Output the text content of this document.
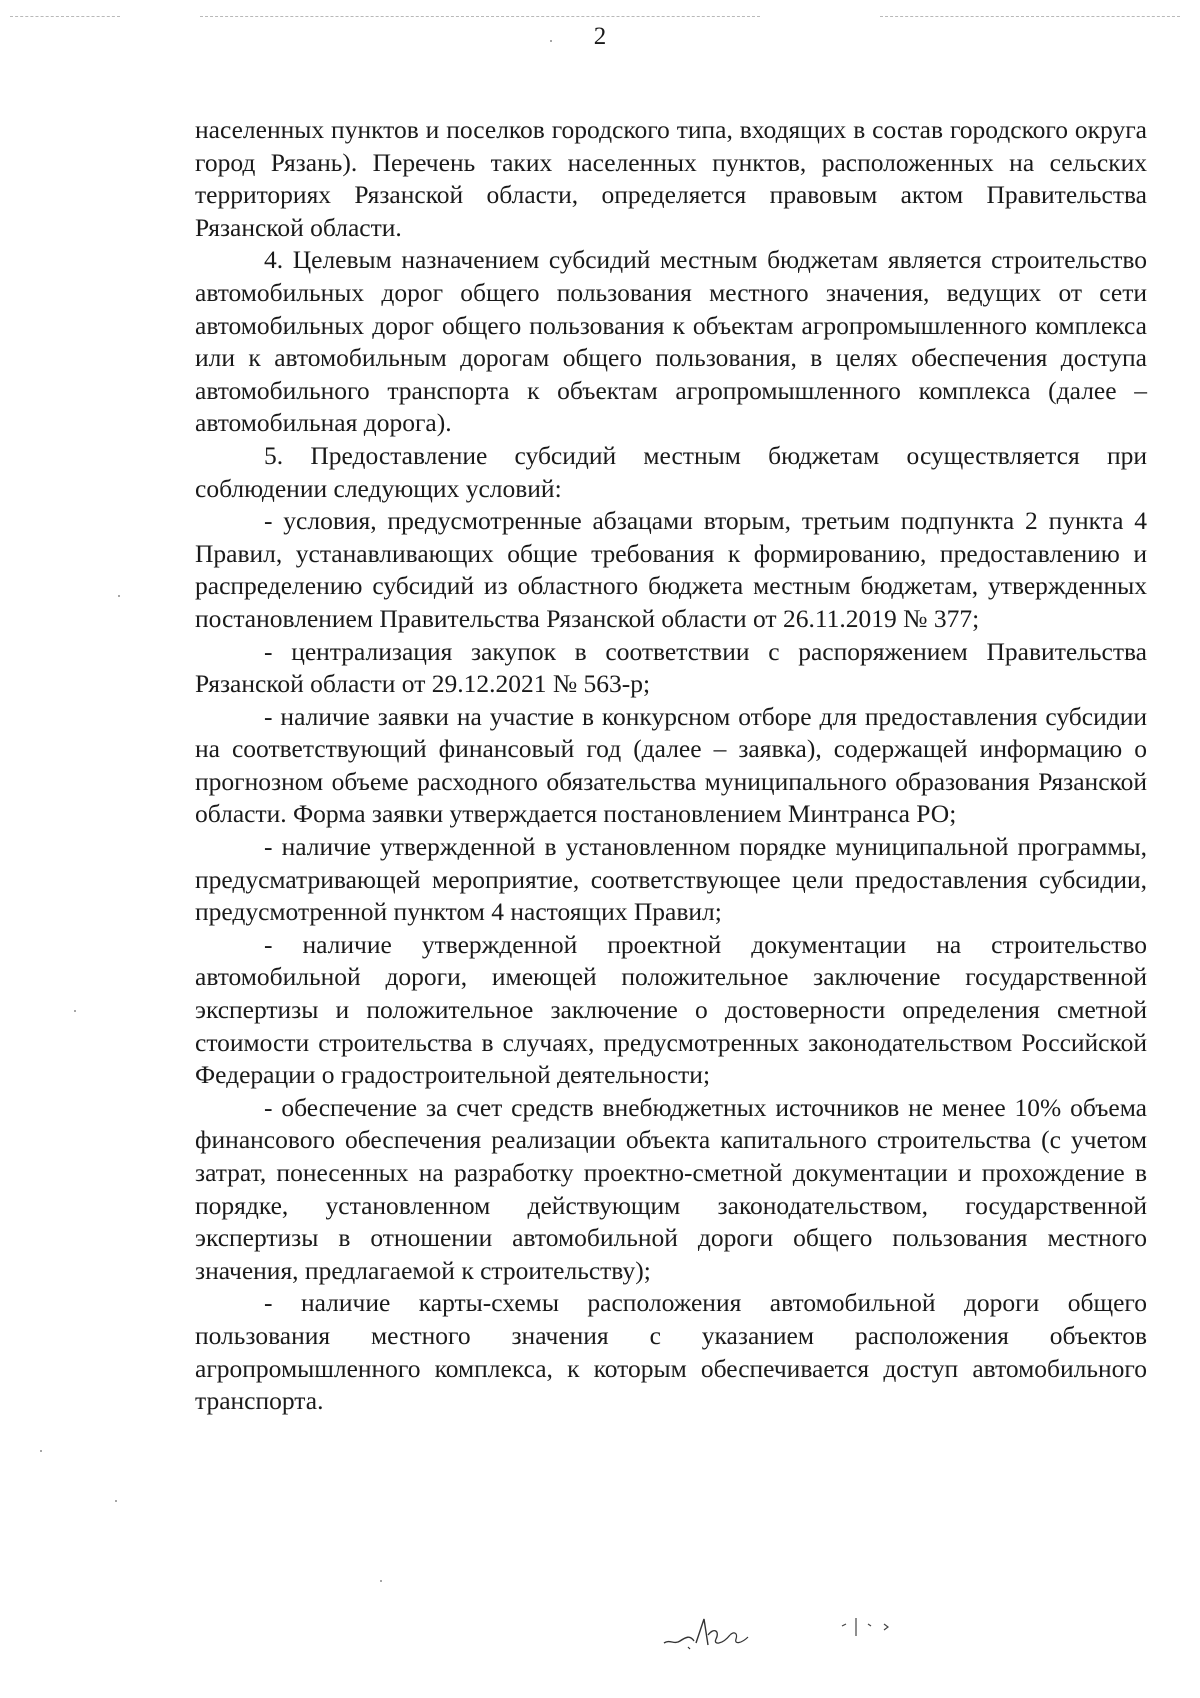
2

населенных пунктов и поселков городского типа, входящих в состав городского округа город Рязань). Перечень таких населенных пунктов, расположенных на сельских территориях Рязанской области, определяется правовым актом Правительства Рязанской области.

4. Целевым назначением субсидий местным бюджетам является строительство автомобильных дорог общего пользования местного значения, ведущих от сети автомобильных дорог общего пользования к объектам агропромышленного комплекса или к автомобильным дорогам общего пользования, в целях обеспечения доступа автомобильного транспорта к объектам агропромышленного комплекса (далее – автомобильная дорога).

5. Предоставление субсидий местным бюджетам осуществляется при соблюдении следующих условий:

- условия, предусмотренные абзацами вторым, третьим подпункта 2 пункта 4 Правил, устанавливающих общие требования к формированию, предоставлению и распределению субсидий из областного бюджета местным бюджетам, утвержденных постановлением Правительства Рязанской области от 26.11.2019 № 377;

- централизация закупок в соответствии с распоряжением Правительства Рязанской области от 29.12.2021 № 563-р;

- наличие заявки на участие в конкурсном отборе для предоставления субсидии на соответствующий финансовый год (далее – заявка), содержащей информацию о прогнозном объеме расходного обязательства муниципального образования Рязанской области. Форма заявки утверждается постановлением Минтранса РО;

- наличие утвержденной в установленном порядке муниципальной программы, предусматривающей мероприятие, соответствующее цели предоставления субсидии, предусмотренной пунктом 4 настоящих Правил;

- наличие утвержденной проектной документации на строительство автомобильной дороги, имеющей положительное заключение государственной экспертизы и положительное заключение о достоверности определения сметной стоимости строительства в случаях, предусмотренных законодательством Российской Федерации о градостроительной деятельности;

- обеспечение за счет средств внебюджетных источников не менее 10% объема финансового обеспечения реализации объекта капитального строительства (с учетом затрат, понесенных на разработку проектно-сметной документации и прохождение в порядке, установленном действующим законодательством, государственной экспертизы в отношении автомобильной дороги общего пользования местного значения, предлагаемой к строительству);

- наличие карты-схемы расположения автомобильной дороги общего пользования местного значения с указанием расположения объектов агропромышленного комплекса, к которым обеспечивается доступ автомобильного транспорта.
